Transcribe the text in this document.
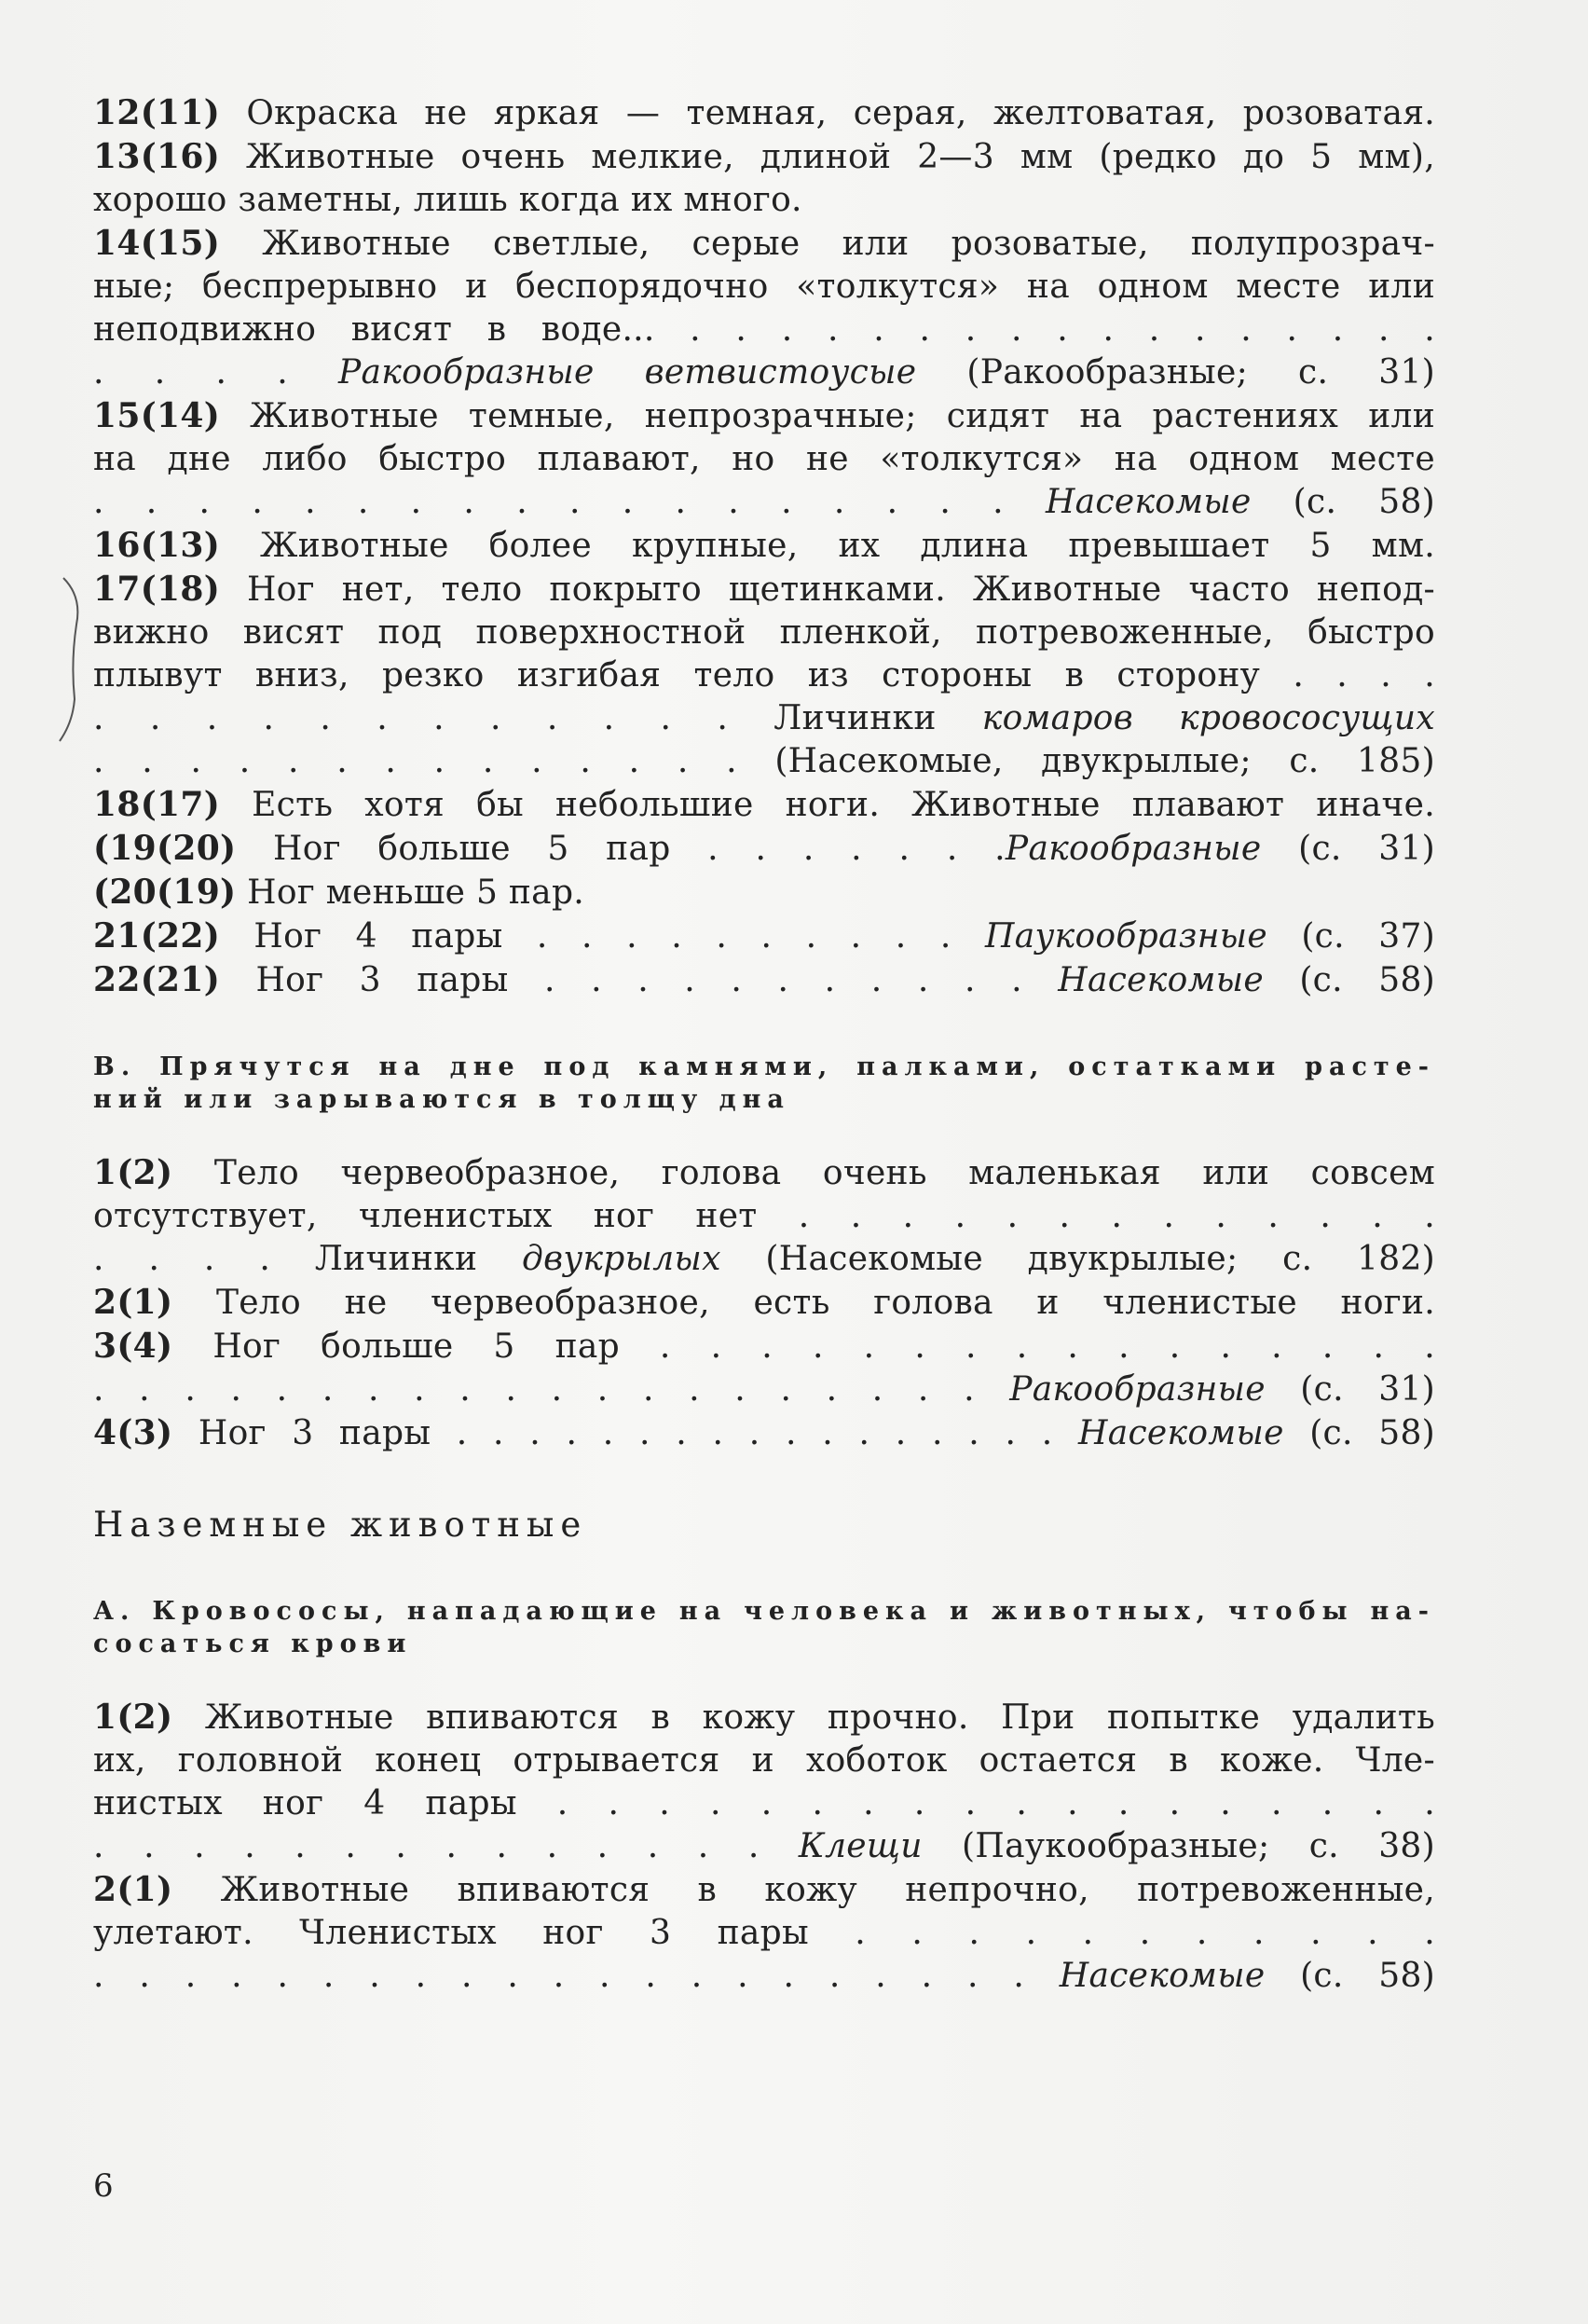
12(11) Окраска не яркая — темная, серая, желтоватая, розоватая.
13(16) Животные очень мелкие, длиной 2—3 мм (редко до 5 мм),
хорошо заметны, лишь когда их много.
14(15) Животные светлые, серые или розоватые, полупрозрач-
ные; беспрерывно и беспорядочно «толкутся» на одном месте или
неподвижно висят в воде... . . . . . . . . . . . . . . . . .
. . . . Ракообразные ветвистоусые (Ракообразные; с. 31)
15(14) Животные темные, непрозрачные; сидят на растениях или
на дне либо быстро плавают, но не «толкутся» на одном месте
. . . . . . . . . . . . . . . . . . Насекомые (с. 58)
16(13) Животные более крупные, их длина превышает 5 мм.
17(18) Ног нет, тело покрыто щетинками. Животные часто непод-
вижно висят под поверхностной пленкой, потревоженные, быстро
плывут вниз, резко изгибая тело из стороны в сторону . . . .
. . . . . . . . . . . . Личинки комаров кровососущих
. . . . . . . . . . . . . . (Насекомые, двукрылые; с. 185)
18(17) Есть хотя бы небольшие ноги. Животные плавают иначе.
(19(20) Ног больше 5 пар . . . . . . .Ракообразные (с. 31)
(20(19) Ног меньше 5 пар.
21(22) Ног 4 пары . . . . . . . . . . Паукообразные (с. 37)
22(21) Ног 3 пары . . . . . . . . . . . Насекомые (с. 58)
В. Прячутся на дне под камнями, палками, остатками расте-
ний или зарываются в толщу дна
1(2) Тело червеобразное, голова очень маленькая или совсем
отсутствует, членистых ног нет . . . . . . . . . . . . .
. . . . Личинки двукрылых (Насекомые двукрылые; с. 182)
2(1) Тело не червеобразное, есть голова и членистые ноги.
3(4) Ног больше 5 пар . . . . . . . . . . . . . . . .
. . . . . . . . . . . . . . . . . . . . Ракообразные (с. 31)
4(3) Ног 3 пары . . . . . . . . . . . . . . . . . Насекомые (с. 58)
Наземные животные
А. Кровососы, нападающие на человека и животных, чтобы на-
сосаться крови
1(2) Животные впиваются в кожу прочно. При попытке удалить
их, головной конец отрывается и хоботок остается в коже. Чле-
нистых ног 4 пары . . . . . . . . . . . . . . . . . .
. . . . . . . . . . . . . . Клещи (Паукообразные; с. 38)
2(1) Животные впиваются в кожу непрочно, потревоженные,
улетают. Членистых ног 3 пары . . . . . . . . . . .
. . . . . . . . . . . . . . . . . . . . . Насекомые (с. 58)
6
